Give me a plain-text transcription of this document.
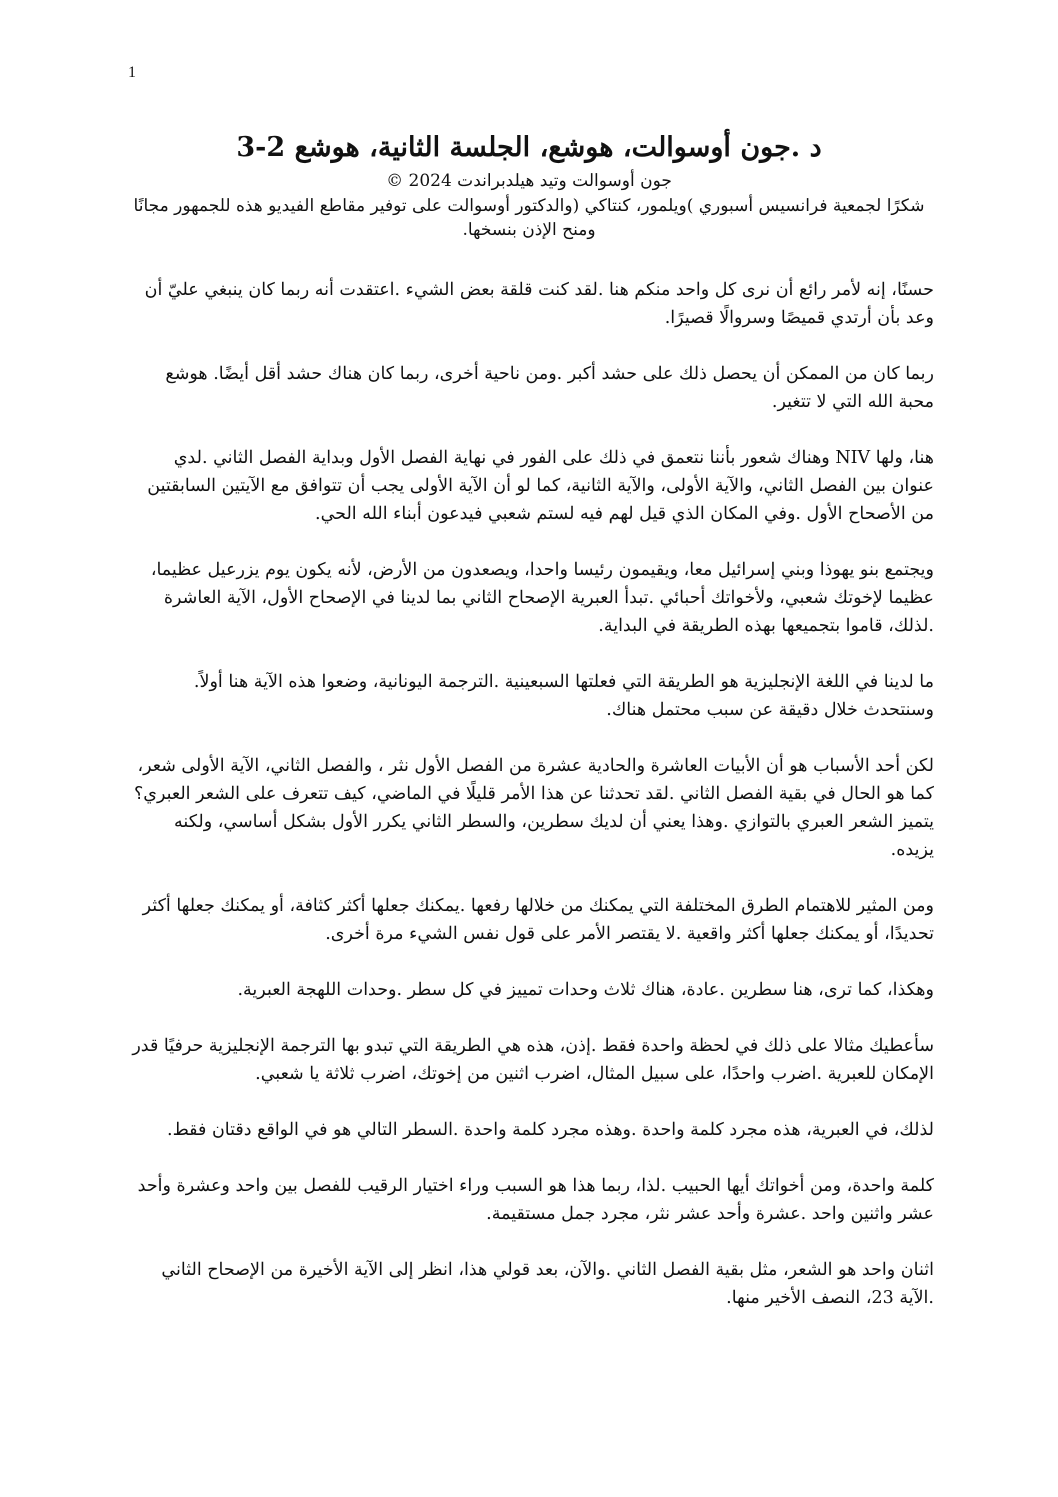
1
د .جون أوسوالت، هوشع، الجلسة الثانية، هوشع 2-3

جون أوسوالت وتيد هيلدبراندت 2024 ©

شكرًا لجمعية فرانسيس أسبوري )ويلمور، كنتاكي (والدكتور أوسوالت على توفير مقاطع الفيديو هذه للجمهور مجانًا ومنح الإذن بنسخها.

حسنًا، إنه لأمر رائع أن نرى كل واحد منكم هنا .لقد كنت قلقة بعض الشيء .اعتقدت أنه ربما كان ينبغي عليّ أن وعد بأن أرتدي قميصًا وسروالًا قصيرًا.

ربما كان من الممكن أن يحصل ذلك على حشد أكبر .ومن ناحية أخرى، ربما كان هناك حشد أقل أيضًا. هوشع محبة الله التي لا تتغير.

هنا، ولها NIV وهناك شعور بأننا نتعمق في ذلك على الفور في نهاية الفصل الأول وبداية الفصل الثاني .لدي عنوان بين الفصل الثاني، والآية الأولى، والآية الثانية، كما لو أن الآية الأولى يجب أن تتوافق مع الآيتين السابقتين من الأصحاح الأول .وفي المكان الذي قيل لهم فيه لستم شعبي فيدعون أبناء الله الحي.

ويجتمع بنو يهوذا وبني إسرائيل معا، ويقيمون رئيسا واحدا، ويصعدون من الأرض، لأنه يكون يوم يزرعيل عظيما، عظيما لإخوتك شعبي، ولأخواتك أحبائي .تبدأ العبرية الإصحاح الثاني بما لدينا في الإصحاح الأول، الآية العاشرة .لذلك، قاموا بتجميعها بهذه الطريقة في البداية.

ما لدينا في اللغة الإنجليزية هو الطريقة التي فعلتها السبعينية .الترجمة اليونانية، وضعوا هذه الآية هنا أولاً. وسنتحدث خلال دقيقة عن سبب محتمل هناك.

لكن أحد الأسباب هو أن الأبيات العاشرة والحادية عشرة من الفصل الأول نثر ، والفصل الثاني، الآية الأولى شعر، كما هو الحال في بقية الفصل الثاني .لقد تحدثنا عن هذا الأمر قليلًا في الماضي، كيف تتعرف على الشعر العبري؟ يتميز الشعر العبري بالتوازي .وهذا يعني أن لديك سطرين، والسطر الثاني يكرر الأول بشكل أساسي، ولكنه يزيده.

ومن المثير للاهتمام الطرق المختلفة التي يمكنك من خلالها رفعها .يمكنك جعلها أكثر كثافة، أو يمكنك جعلها أكثر تحديدًا، أو يمكنك جعلها أكثر واقعية .لا يقتصر الأمر على قول نفس الشيء مرة أخرى.

وهكذا، كما ترى، هنا سطرين .عادة، هناك ثلاث وحدات تمييز في كل سطر .وحدات اللهجة العبرية.

سأعطيك مثالا على ذلك في لحظة واحدة فقط .إذن، هذه هي الطريقة التي تبدو بها الترجمة الإنجليزية حرفيًا قدر الإمكان للعبرية .اضرب واحدًا، على سبيل المثال، اضرب اثنين من إخوتك، اضرب ثلاثة يا شعبي.

لذلك، في العبرية، هذه مجرد كلمة واحدة .وهذه مجرد كلمة واحدة .السطر التالي هو في الواقع دقتان فقط.

كلمة واحدة، ومن أخواتك أيها الحبيب .لذا، ربما هذا هو السبب وراء اختيار الرقيب للفصل بين واحد وعشرة وأحد عشر واثنين واحد .عشرة وأحد عشر نثر، مجرد جمل مستقيمة.

اثنان واحد هو الشعر، مثل بقية الفصل الثاني .والآن، بعد قولي هذا، انظر إلى الآية الأخيرة من الإصحاح الثاني .الآية 23، النصف الأخير منها.
